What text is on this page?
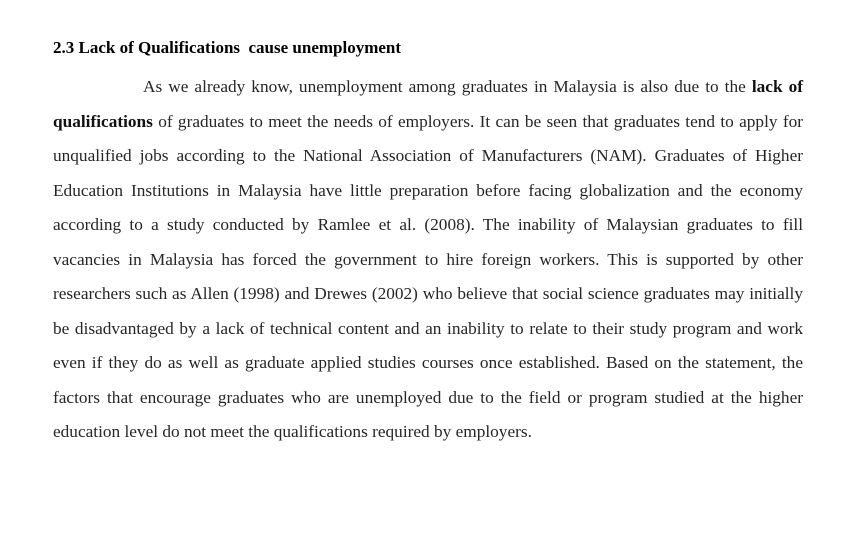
2.3 Lack of Qualifications  cause unemployment

As we already know, unemployment among graduates in Malaysia is also due to the lack of qualifications of graduates to meet the needs of employers. It can be seen that graduates tend to apply for unqualified jobs according to the National Association of Manufacturers (NAM). Graduates of Higher Education Institutions in Malaysia have little preparation before facing globalization and the economy according to a study conducted by Ramlee et al. (2008). The inability of Malaysian graduates to fill vacancies in Malaysia has forced the government to hire foreign workers. This is supported by other researchers such as Allen (1998) and Drewes (2002) who believe that social science graduates may initially be disadvantaged by a lack of technical content and an inability to relate to their study program and work even if they do as well as graduate applied studies courses once established. Based on the statement, the factors that encourage graduates who are unemployed due to the field or program studied at the higher education level do not meet the qualifications required by employers.
